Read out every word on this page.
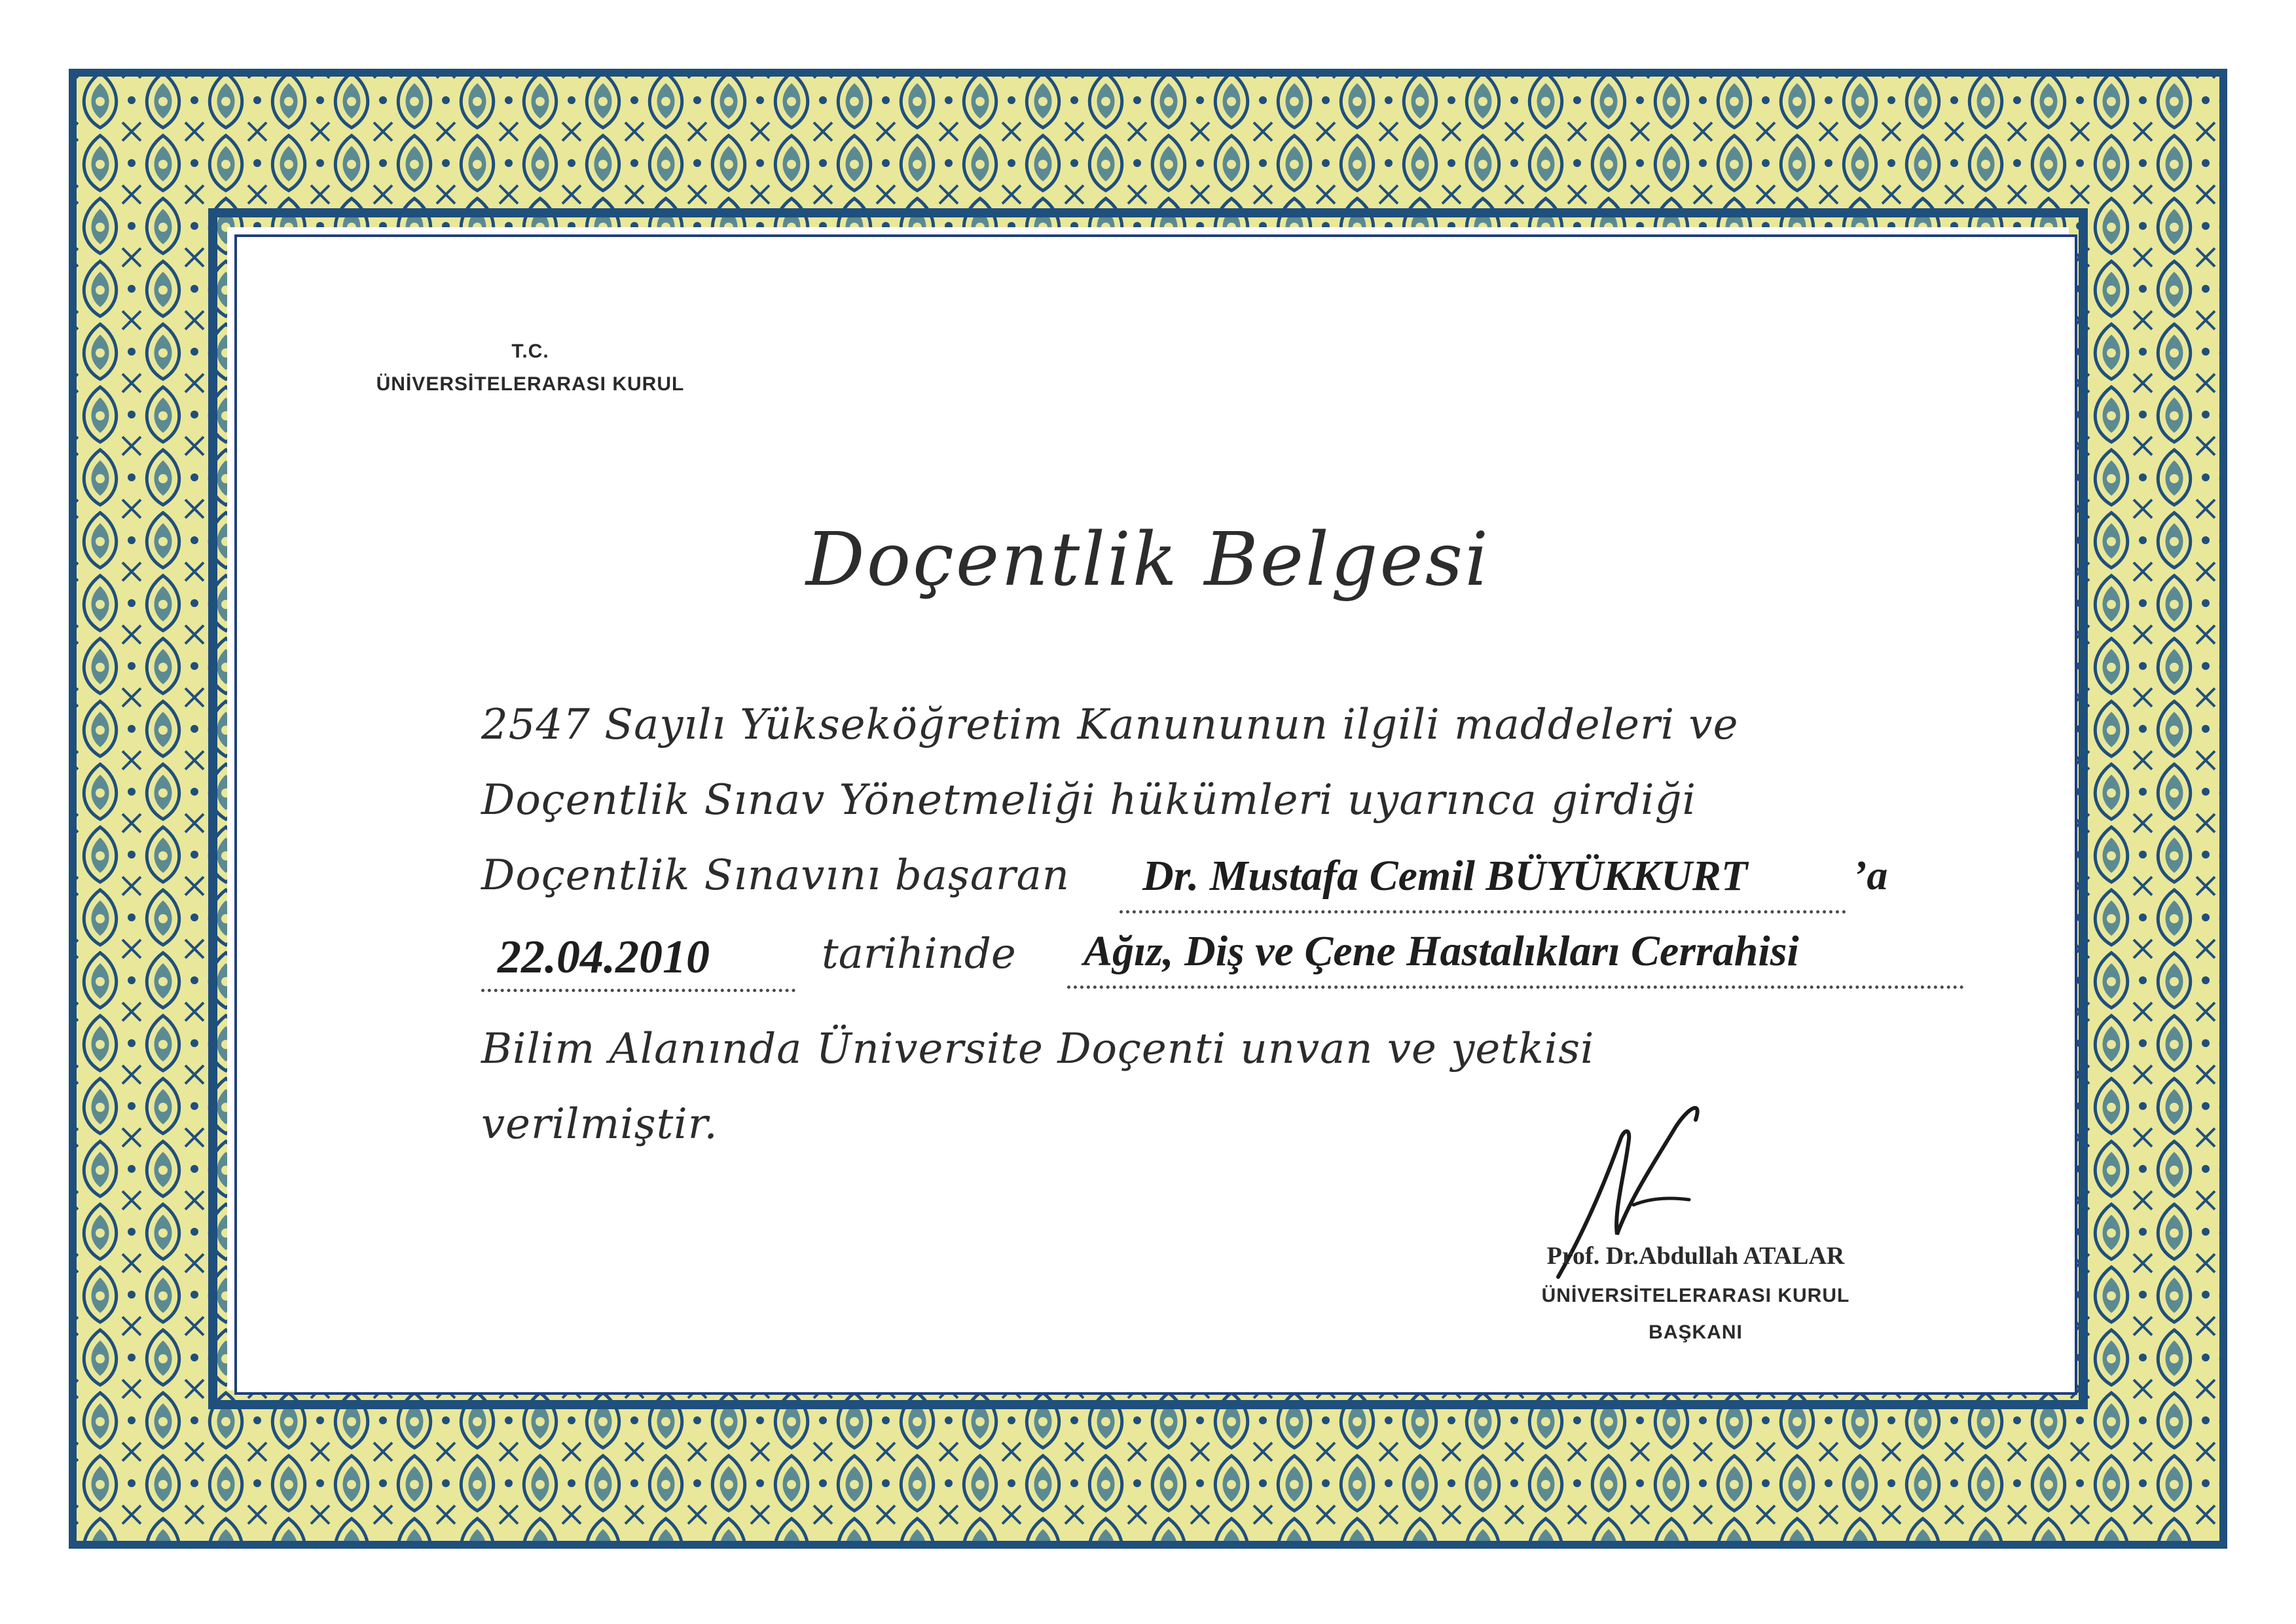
T.C.
ÜNİVERSİTELERARASI KURUL
Doçentlik Belgesi
2547 Sayılı Yükseköğretim Kanununun ilgili maddeleri ve
Doçentlik Sınav Yönetmeliği hükümleri uyarınca girdiği
Doçentlik Sınavını başaran Dr. Mustafa Cemil BÜYÜKKURT	’a
22.04.2010	tarihinde Ağız, Diş ve Çene Hastalıkları Cerrahisi
Bilim Alanında Üniversite Doçenti unvan ve yetkisi
verilmiştir.
Prof. Dr.Abdullah ATALAR
ÜNİVERSİTELERARASI KURUL
BAŞKANI
